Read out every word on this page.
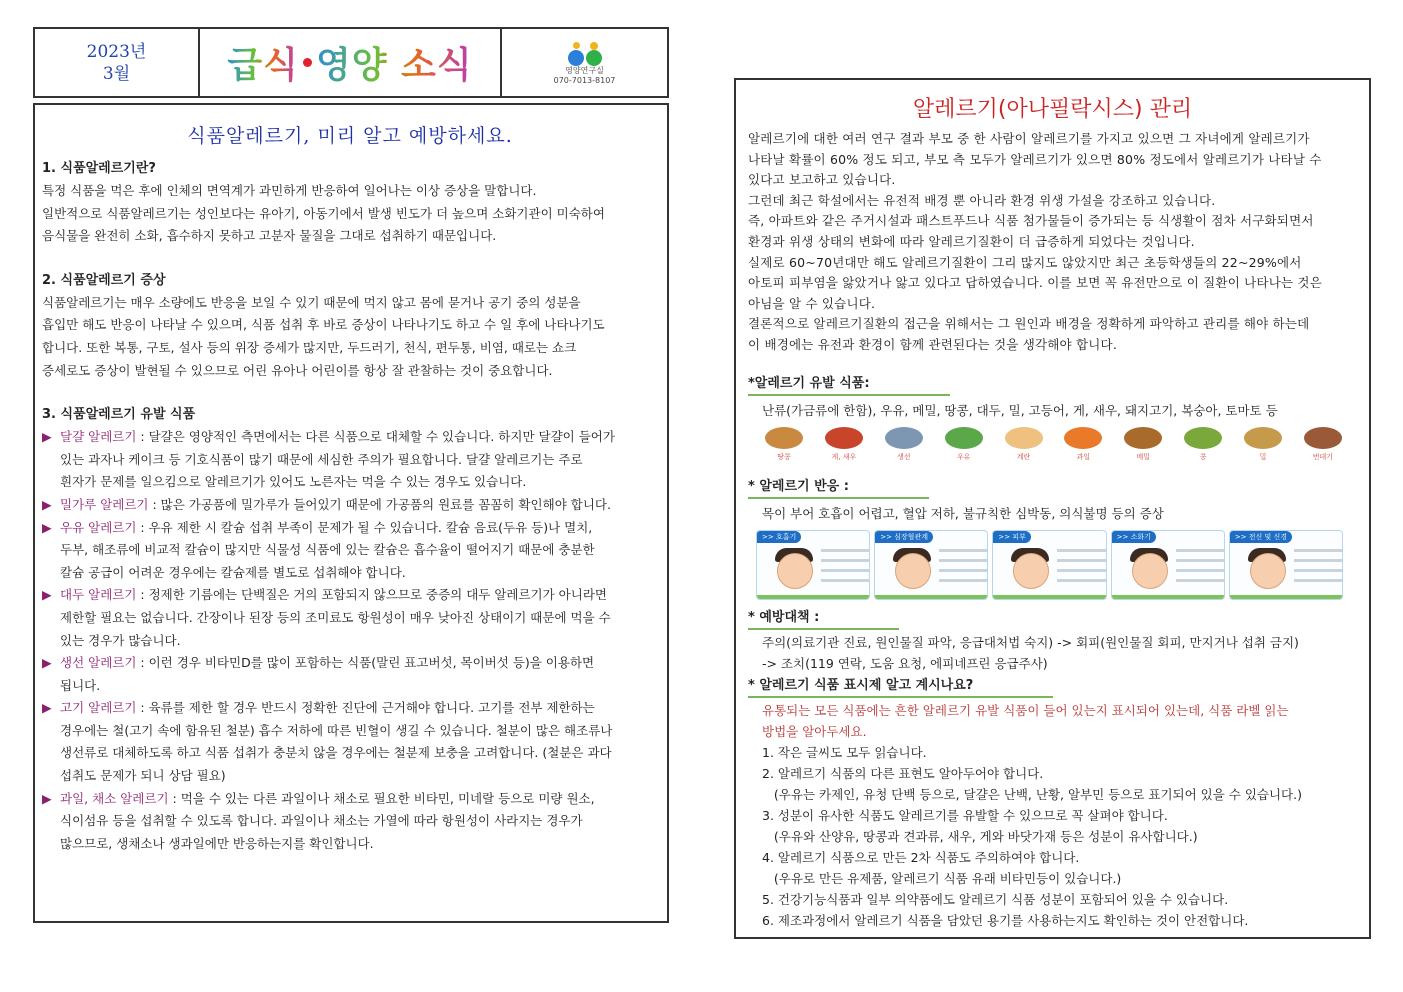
2023년
3월	급식 영양 소식	영양연구실
070-7013-8107
식품알레르기, 미리 알고 예방하세요.

1. 식품알레르기란?

특정 식품을 먹은 후에 인체의 면역계가 과민하게 반응하여 일어나는 이상 증상을 말합니다.

일반적으로 식품알레르기는 성인보다는 유아기, 아동기에서 발생 빈도가 더 높으며 소화기관이 미숙하여

음식물을 완전히 소화, 흡수하지 못하고 고분자 물질을 그대로 섭취하기 때문입니다.

2. 식품알레르기 증상

식품알레르기는 매우 소량에도 반응을 보일 수 있기 때문에 먹지 않고 몸에 묻거나 공기 중의 성분을

흡입만 해도 반응이 나타날 수 있으며, 식품 섭취 후 바로 증상이 나타나기도 하고 수 일 후에 나타나기도

합니다. 또한 복통, 구토, 설사 등의 위장 증세가 많지만, 두드러기, 천식, 편두통, 비염, 때로는 쇼크

증세로도 증상이 발현될 수 있으므로 어린 유아나 어린이를 항상 잘 관찰하는 것이 중요합니다.

3. 식품알레르기 유발 식품

▶ 달걀 알레르기 : 달걀은 영양적인 측면에서는 다른 식품으로 대체할 수 있습니다. 하지만 달걀이 들어가
있는 과자나 케이크 등 기호식품이 많기 때문에 세심한 주의가 필요합니다. 달걀 알레르기는 주로
흰자가 문제를 일으킴으로 알레르기가 있어도 노른자는 먹을 수 있는 경우도 있습니다.

▶ 밀가루 알레르기 : 많은 가공품에 밀가루가 들어있기 때문에 가공품의 원료를 꼼꼼히 확인해야 합니다.

▶ 우유 알레르기 : 우유 제한 시 칼슘 섭취 부족이 문제가 될 수 있습니다. 칼슘 음료(두유 등)나 멸치,
두부, 해조류에 비교적 칼슘이 많지만 식물성 식품에 있는 칼슘은 흡수율이 떨어지기 때문에 충분한
칼슘 공급이 어려운 경우에는 칼슘제를 별도로 섭취해야 합니다.

▶ 대두 알레르기 : 정제한 기름에는 단백질은 거의 포함되지 않으므로 중증의 대두 알레르기가 아니라면
제한할 필요는 없습니다. 간장이나 된장 등의 조미료도 항원성이 매우 낮아진 상태이기 때문에 먹을 수
있는 경우가 많습니다.

▶ 생선 알레르기 : 이런 경우 비타민D를 많이 포함하는 식품(말린 표고버섯, 목이버섯 등)을 이용하면
됩니다.

▶ 고기 알레르기 : 육류를 제한 할 경우 반드시 정확한 진단에 근거해야 합니다. 고기를 전부 제한하는
경우에는 철(고기 속에 함유된 철분) 흡수 저하에 따른 빈혈이 생길 수 있습니다. 철분이 많은 해조류나
생선류로 대체하도록 하고 식품 섭취가 충분치 않을 경우에는 철분제 보충을 고려합니다. (철분은 과다
섭취도 문제가 되니 상담 필요)

▶ 과일, 채소 알레르기 : 먹을 수 있는 다른 과일이나 채소로 필요한 비타민, 미네랄 등으로 미량 원소,
식이섬유 등을 섭취할 수 있도록 합니다. 과일이나 채소는 가열에 따라 항원성이 사라지는 경우가
많으므로, 생채소나 생과일에만 반응하는지를 확인합니다.

알레르기(아나필락시스) 관리

알레르기에 대한 여러 연구 결과 부모 중 한 사람이 알레르기를 가지고 있으면 그 자녀에게 알레르기가

나타날 확률이 60% 정도 되고, 부모 측 모두가 알레르기가 있으면 80% 정도에서 알레르기가 나타날 수

있다고 보고하고 있습니다.

그런데 최근 학설에서는 유전적 배경 뿐 아니라 환경 위생 가설을 강조하고 있습니다.

즉, 아파트와 같은 주거시설과 패스트푸드나 식품 첨가물들이 증가되는 등 식생활이 점차 서구화되면서

환경과 위생 상태의 변화에 따라 알레르기질환이 더 급증하게 되었다는 것입니다.

실제로 60~70년대만 해도 알레르기질환이 그리 많지도 않았지만 최근 초등학생들의 22~29%에서

아토피 피부염을 앓았거나 앓고 있다고 답하였습니다. 이를 보면 꼭 유전만으로 이 질환이 나타나는 것은

아님을 알 수 있습니다.

결론적으로 알레르기질환의 접근을 위해서는 그 원인과 배경을 정확하게 파악하고 관리를 해야 하는데

이 배경에는 유전과 환경이 함께 관련된다는 것을 생각해야 합니다.

*알레르기 유발 식품:

난류(가금류에 한함), 우유, 메밀, 땅콩, 대두, 밀, 고등어, 게, 새우, 돼지고기, 복숭아, 토마토 등

땅콩	게, 새우	생선	우유	계란	과일	메밀	콩	밀	번데기

* 알레르기 반응 :

목이 부어 호흡이 어렵고, 혈압 저하, 불규칙한 심박동, 의식불명 등의 증상

>> 호흡기	>> 심장혈관계	>> 피부	>> 소화기	>> 전신 및 신경

* 예방대책 :

주의(의료기관 진료, 원인물질 파악, 응급대처법 숙지) -> 회피(원인물질 회피, 만지거나 섭취 금지)

-> 조치(119 연락, 도움 요청, 에피네프린 응급주사)

* 알레르기 식품 표시제 알고 계시나요?

유통되는 모든 식품에는 흔한 알레르기 유발 식품이 들어 있는지 표시되어 있는데, 식품 라벨 읽는

방법을 알아두세요.

1. 작은 글씨도 모두 읽습니다.

2. 알레르기 식품의 다른 표현도 알아두어야 합니다.

(우유는 카제인, 유청 단백 등으로, 달걀은 난백, 난황, 알부민 등으로 표기되어 있을 수 있습니다.)

3. 성분이 유사한 식품도 알레르기를 유발할 수 있으므로 꼭 살펴야 합니다.

(우유와 산양유, 땅콩과 견과류, 새우, 게와 바닷가재 등은 성분이 유사합니다.)

4. 알레르기 식품으로 만든 2차 식품도 주의하여야 합니다.

(우유로 만든 유제품, 알레르기 식품 유래 비타민등이 있습니다.)

5. 건강기능식품과 일부 의약품에도 알레르기 식품 성분이 포함되어 있을 수 있습니다.

6. 제조과정에서 알레르기 식품을 담았던 용기를 사용하는지도 확인하는 것이 안전합니다.
